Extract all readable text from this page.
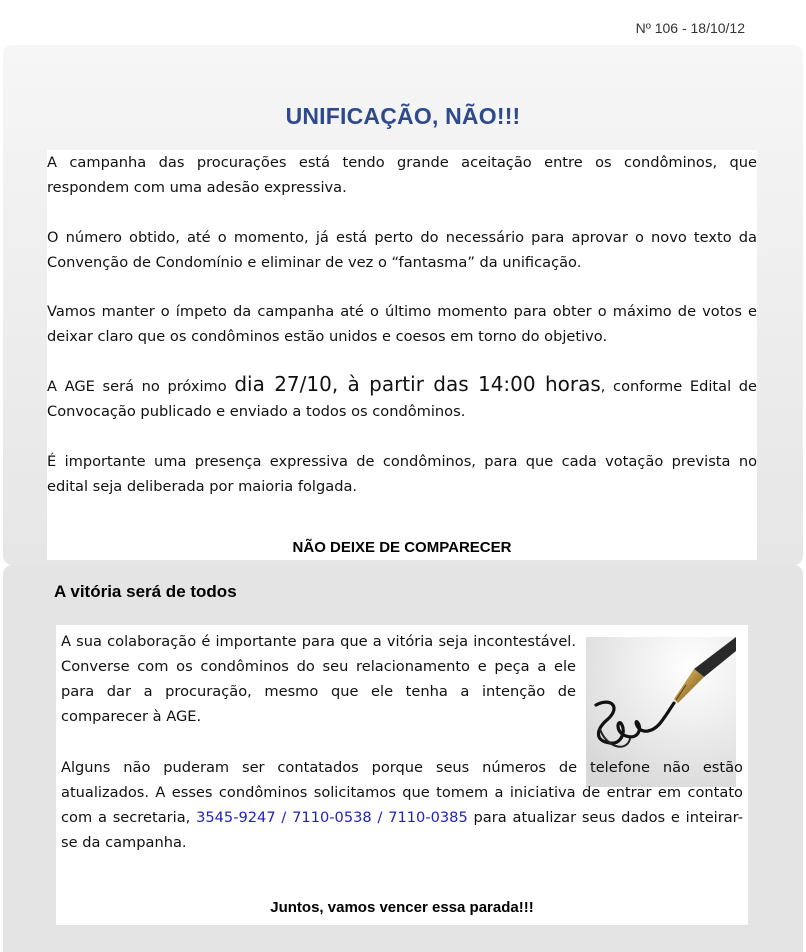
Nº 106 - 18/10/12
UNIFICAÇÃO, NÃO!!!
A campanha das procurações está tendo grande aceitação entre os condôminos, que respondem com uma adesão expressiva.
O número obtido, até o momento, já está perto do necessário para aprovar o novo texto da Convenção de Condomínio e eliminar de vez o “fantasma” da unificação.
Vamos manter o ímpeto da campanha até o último momento para obter o máximo de votos e deixar claro que os condôminos estão unidos e coesos em torno do objetivo.
A AGE será no próximo dia 27/10, à partir das 14:00 horas, conforme Edital de Convocação publicado e enviado a todos os condôminos.
É importante uma presença expressiva de condôminos, para que cada votação prevista no edital seja deliberada por maioria folgada.
NÃO DEIXE DE COMPARECER
A vitória será de todos
A sua colaboração é importante para que a vitória seja incontestável. Converse com os condôminos do seu relacionamento e peça a ele para dar a procuração, mesmo que ele tenha a intenção de comparecer à AGE.
Alguns não puderam ser contatados porque seus números de telefone não estão atualizados. A esses condôminos solicitamos que tomem a iniciativa de entrar em contato com a secretaria, 3545-9247 / 7110-0538 / 7110-0385 para atualizar seus dados e inteirar-se da campanha.
Juntos, vamos vencer essa parada!!!
